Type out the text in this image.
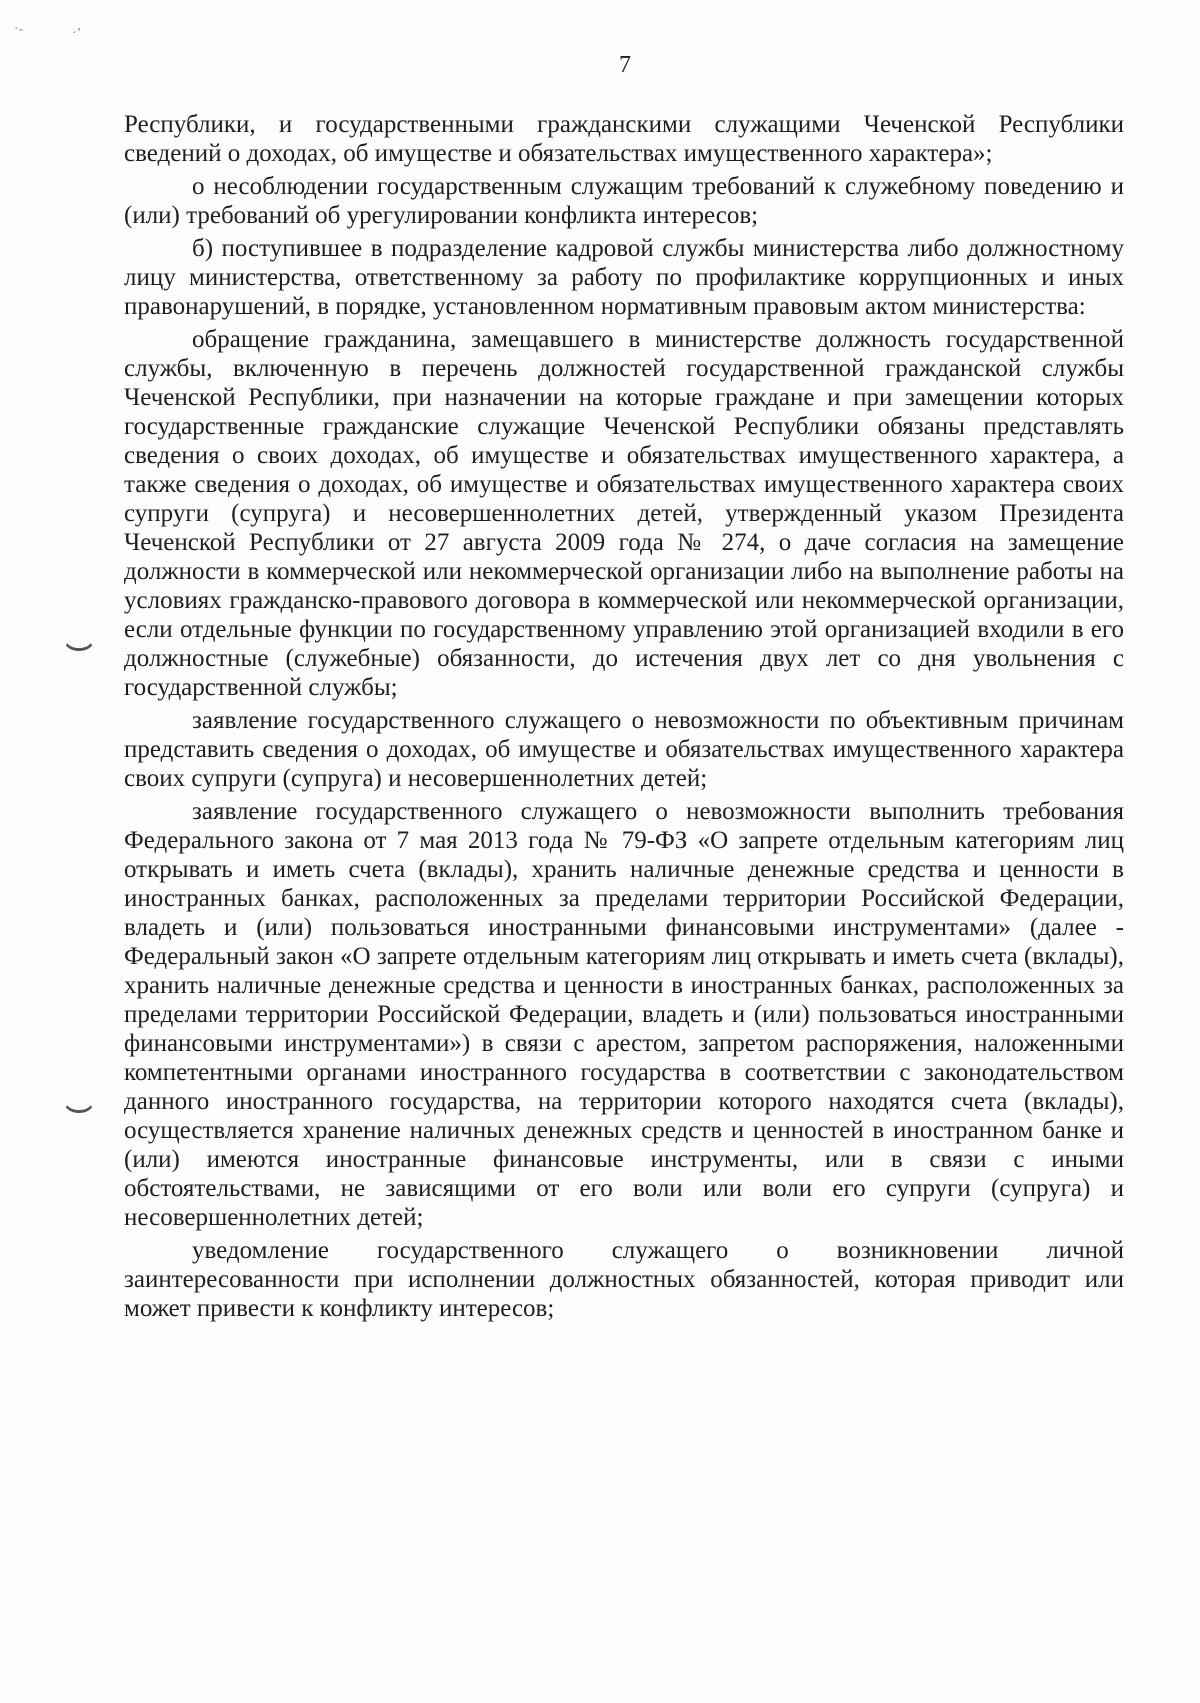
·‐	·ʼ
7

Республики, и государственными гражданскими служащими Чеченской Республики сведений о доходах, об имуществе и обязательствах имущественного характера»;

о несоблюдении государственным служащим требований к служебному поведению и (или) требований об урегулировании конфликта интересов;

б) поступившее в подразделение кадровой службы министерства либо должностному лицу министерства, ответственному за работу по профилактике коррупционных и иных правонарушений, в порядке, установленном нормативным правовым актом министерства:

обращение гражданина, замещавшего в министерстве должность государственной службы, включенную в перечень должностей государственной гражданской службы Чеченской Республики, при назначении на которые граждане и при замещении которых государственные гражданские служащие Чеченской Республики обязаны представлять сведения о своих доходах, об имуществе и обязательствах имущественного характера, а также сведения о доходах, об имуществе и обязательствах имущественного характера своих супруги (супруга) и несовершеннолетних детей, утвержденный указом Президента Чеченской Республики от 27 августа 2009 года № 274, о даче согласия на замещение должности в коммерческой или некоммерческой организации либо на выполнение работы на условиях гражданско-правового договора в коммерческой или некоммерческой организации, если отдельные функции по государственному управлению этой организацией входили в его должностные (служебные) обязанности, до истечения двух лет со дня увольнения с государственной службы;

заявление государственного служащего о невозможности по объективным причинам представить сведения о доходах, об имуществе и обязательствах имущественного характера своих супруги (супруга) и несовершеннолетних детей;

заявление государственного служащего о невозможности выполнить требования Федерального закона от 7 мая 2013 года № 79-ФЗ «О запрете отдельным категориям лиц открывать и иметь счета (вклады), хранить наличные денежные средства и ценности в иностранных банках, расположенных за пределами территории Российской Федерации, владеть и (или) пользоваться иностранными финансовыми инструментами» (далее - Федеральный закон «О запрете отдельным категориям лиц открывать и иметь счета (вклады), хранить наличные денежные средства и ценности в иностранных банках, расположенных за пределами территории Российской Федерации, владеть и (или) пользоваться иностранными финансовыми инструментами») в связи с арестом, запретом распоряжения, наложенными компетентными органами иностранного государства в соответствии с законодательством данного иностранного государства, на территории которого находятся счета (вклады), осуществляется хранение наличных денежных средств и ценностей в иностранном банке и (или) имеются иностранные финансовые инструменты, или в связи с иными обстоятельствами, не зависящими от его воли или воли его супруги (супруга) и несовершеннолетних детей;

уведомление государственного служащего о возникновении личной заинтересованности при исполнении должностных обязанностей, которая приводит или может привести к конфликту интересов;
